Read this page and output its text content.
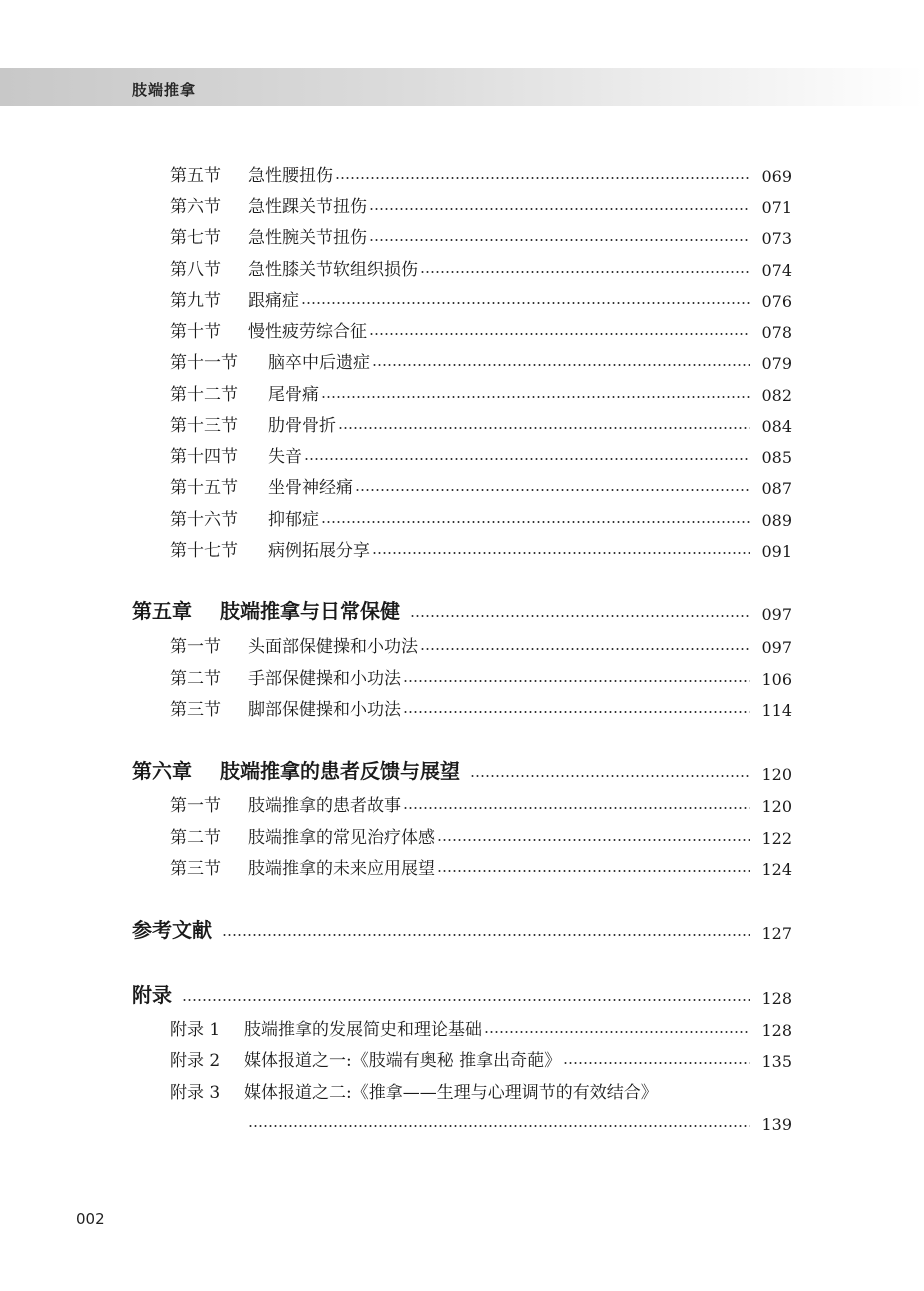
肢端推拿
第五节	急性腰扭伤	069
第六节	急性踝关节扭伤	071
第七节	急性腕关节扭伤	073
第八节	急性膝关节软组织损伤	074
第九节	跟痛症	076
第十节	慢性疲劳综合征	078
第十一节	脑卒中后遗症	079
第十二节	尾骨痛	082
第十三节	肋骨骨折	084
第十四节	失音	085
第十五节	坐骨神经痛	087
第十六节	抑郁症	089
第十七节	病例拓展分享	091
第五章	肢端推拿与日常保健	097
第一节	头面部保健操和小功法	097
第二节	手部保健操和小功法	106
第三节	脚部保健操和小功法	114
第六章	肢端推拿的患者反馈与展望	120
第一节	肢端推拿的患者故事	120
第二节	肢端推拿的常见治疗体感	122
第三节	肢端推拿的未来应用展望	124
参考文献	127
附录	128
附录 1	肢端推拿的发展简史和理论基础	128
附录 2	媒体报道之一:《肢端有奥秘 推拿出奇葩》	135
附录 3	媒体报道之二:《推拿——生理与心理调节的有效结合》
139
002
